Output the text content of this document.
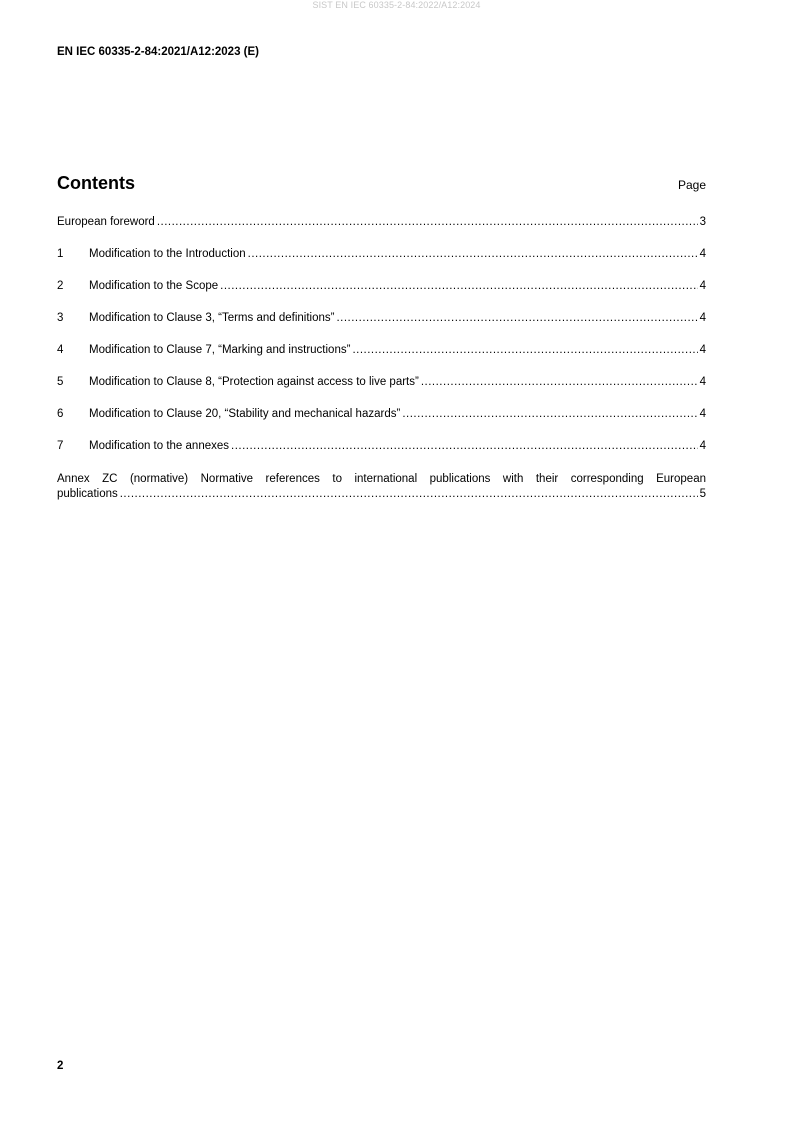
SIST EN IEC 60335-2-84:2022/A12:2024
EN IEC 60335-2-84:2021/A12:2023 (E)
Contents	Page
European foreword .....	3
1	Modification to the Introduction .....	4
2	Modification to the Scope .....	4
3	Modification to Clause 3, “Terms and definitions” .....	4
4	Modification to Clause 7, “Marking and instructions” .....	4
5	Modification to Clause 8, “Protection against access to live parts” .....	4
6	Modification to Clause 20, “Stability and mechanical hazards” .....	4
7	Modification to the annexes .....	4
Annex ZC (normative) Normative references to international publications with their corresponding European
publications .....	5
2
